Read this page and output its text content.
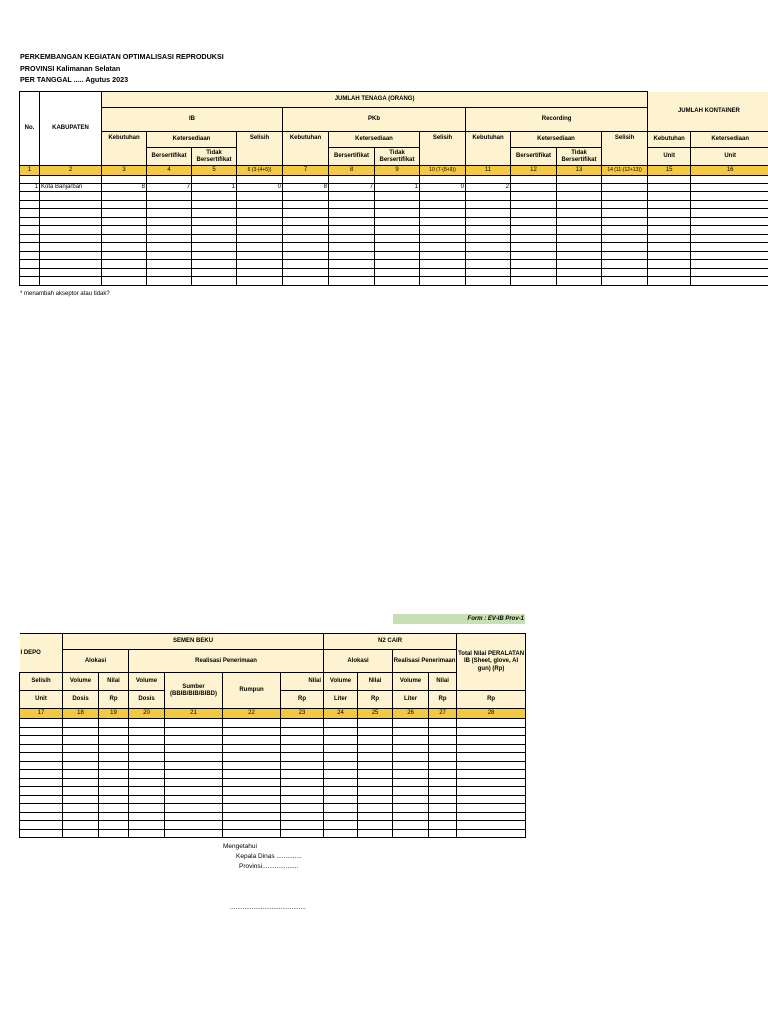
PERKEMBANGAN KEGIATAN OPTIMALISASI REPRODUKSI
PROVINSI Kalimanan Selatan
PER TANGGAL ..... Agutus 2023
No.	KABUPATEN	JUMLAH TENAGA (ORANG)												JUMLAH KONTAINER	
		IB				PKb				Recording					
		Kebutuhan	Ketersediaan		Selisih	Kebutuhan	Ketersediaan		Selisih	Kebutuhan	Ketersediaan		Selisih	Kebutuhan	Ketersediaan
			Bersertifikat	Tidak Bersertifikat			Bersertifikat	Tidak Bersertifikat			Bersertifikat	Tidak Bersertifikat		Unit	Unit
1	2	3	4	5	6 (3-(4+5))	7	8	9	10 (7-(8+9))	11	12	13	14 (11-(12+13))	15	16

1	Kota Banjarbari	8	7	1	0	8	7	1	0	2					

* menambah akseptor atau tidak?
Form : EV-IB Prov-1
I DEPO	SEMEN BEKU						N2 CAIR				Total Nilai PERALATAN IB (Sheet, glove, AI gun) (Rp)
	Alokasi		Realisasi Penerimaan				Alokasi		Realisasi Penerimaan		
Selisih	Volume	Nilai	Volume	Sumber (BBIB/BIB/BIBD)	Rumpun	Nilai	Volume	Nilai	Volume	Nilai	
Unit	Dosis	Rp	Dosis			Rp	Liter	Rp	Liter	Rp	Rp
17	18	19	20	21	22	23	24	25	26	27	28

Mengetahui
Kepala Dinas ..............
Provinsi....................
..........................................
